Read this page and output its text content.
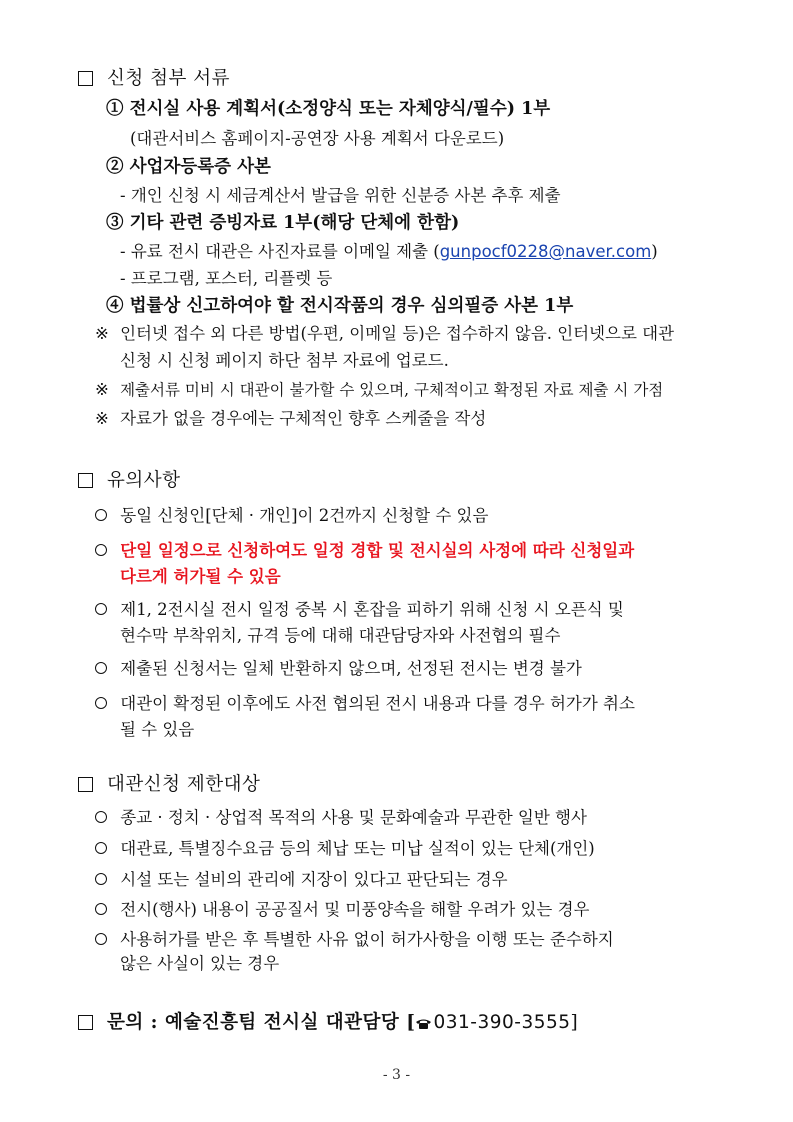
신청 첨부 서류
① 전시실 사용 계획서(소정양식 또는 자체양식/필수) 1부
(대관서비스 홈페이지-공연장 사용 계획서 다운로드)
② 사업자등록증 사본
- 개인 신청 시 세금계산서 발급을 위한 신분증 사본 추후 제출
③ 기타 관련 증빙자료 1부(해당 단체에 한함)
- 유료 전시 대관은 사진자료를 이메일 제출 (gunpocf0228@naver.com)
- 프로그램, 포스터, 리플렛 등
④ 법률상 신고하여야 할 전시작품의 경우 심의필증 사본 1부
※ 인터넷 접수 외 다른 방법(우편, 이메일 등)은 접수하지 않음. 인터넷으로 대관
신청 시 신청 페이지 하단 첨부 자료에 업로드.
※ 제출서류 미비 시 대관이 불가할 수 있으며, 구체적이고 확정된 자료 제출 시 가점
※ 자료가 없을 경우에는 구체적인 향후 스케줄을 작성
유의사항
동일 신청인[단체 · 개인]이 2건까지 신청할 수 있음
단일 일정으로 신청하여도 일정 경합 및 전시실의 사정에 따라 신청일과
다르게 허가될 수 있음
제1, 2전시실 전시 일정 중복 시 혼잡을 피하기 위해 신청 시 오픈식 및
현수막 부착위치, 규격 등에 대해 대관담당자와 사전협의 필수
제출된 신청서는 일체 반환하지 않으며, 선정된 전시는 변경 불가
대관이 확정된 이후에도 사전 협의된 전시 내용과 다를 경우 허가가 취소
될 수 있음
대관신청 제한대상
종교 · 정치 · 상업적 목적의 사용 및 문화예술과 무관한 일반 행사
대관료, 특별징수요금 등의 체납 또는 미납 실적이 있는 단체(개인)
시설 또는 설비의 관리에 지장이 있다고 판단되는 경우
전시(행사) 내용이 공공질서 및 미풍양속을 해할 우려가 있는 경우
사용허가를 받은 후 특별한 사유 없이 허가사항을 이행 또는 준수하지
않은 사실이 있는 경우
문의 : 예술진흥팀 전시실 대관담당 [ 031-390-3555]
- 3 -
